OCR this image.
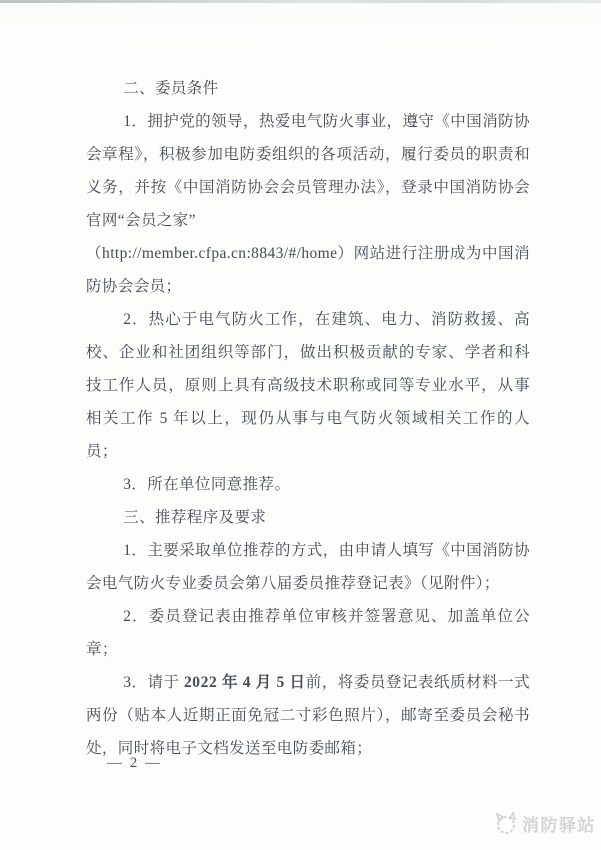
二、委员条件

1．拥护党的领导，热爱电气防火事业，遵守《中国消防协会章程》，积极参加电防委组织的各项活动，履行委员的职责和义务，并按《中国消防协会会员管理办法》，登录中国消防协会官网“会员之家”

（http://member.cfpa.cn:8843/#/home）网站进行注册成为中国消防协会会员；

2．热心于电气防火工作，在建筑、电力、消防救援、高校、企业和社团组织等部门，做出积极贡献的专家、学者和科技工作人员，原则上具有高级技术职称或同等专业水平，从事相关工作 5 年以上，现仍从事与电气防火领域相关工作的人员；

3．所在单位同意推荐。

三、推荐程序及要求

1．主要采取单位推荐的方式，由申请人填写《中国消防协会电气防火专业委员会第八届委员推荐登记表》（见附件）；

2．委员登记表由推荐单位审核并签署意见、加盖单位公章；

3．请于 2022 年 4 月 5 日前，将委员登记表纸质材料一式两份（贴本人近期正面免冠二寸彩色照片），邮寄至委员会秘书处，同时将电子文档发送至电防委邮箱；

— 2 —
消防驿站
